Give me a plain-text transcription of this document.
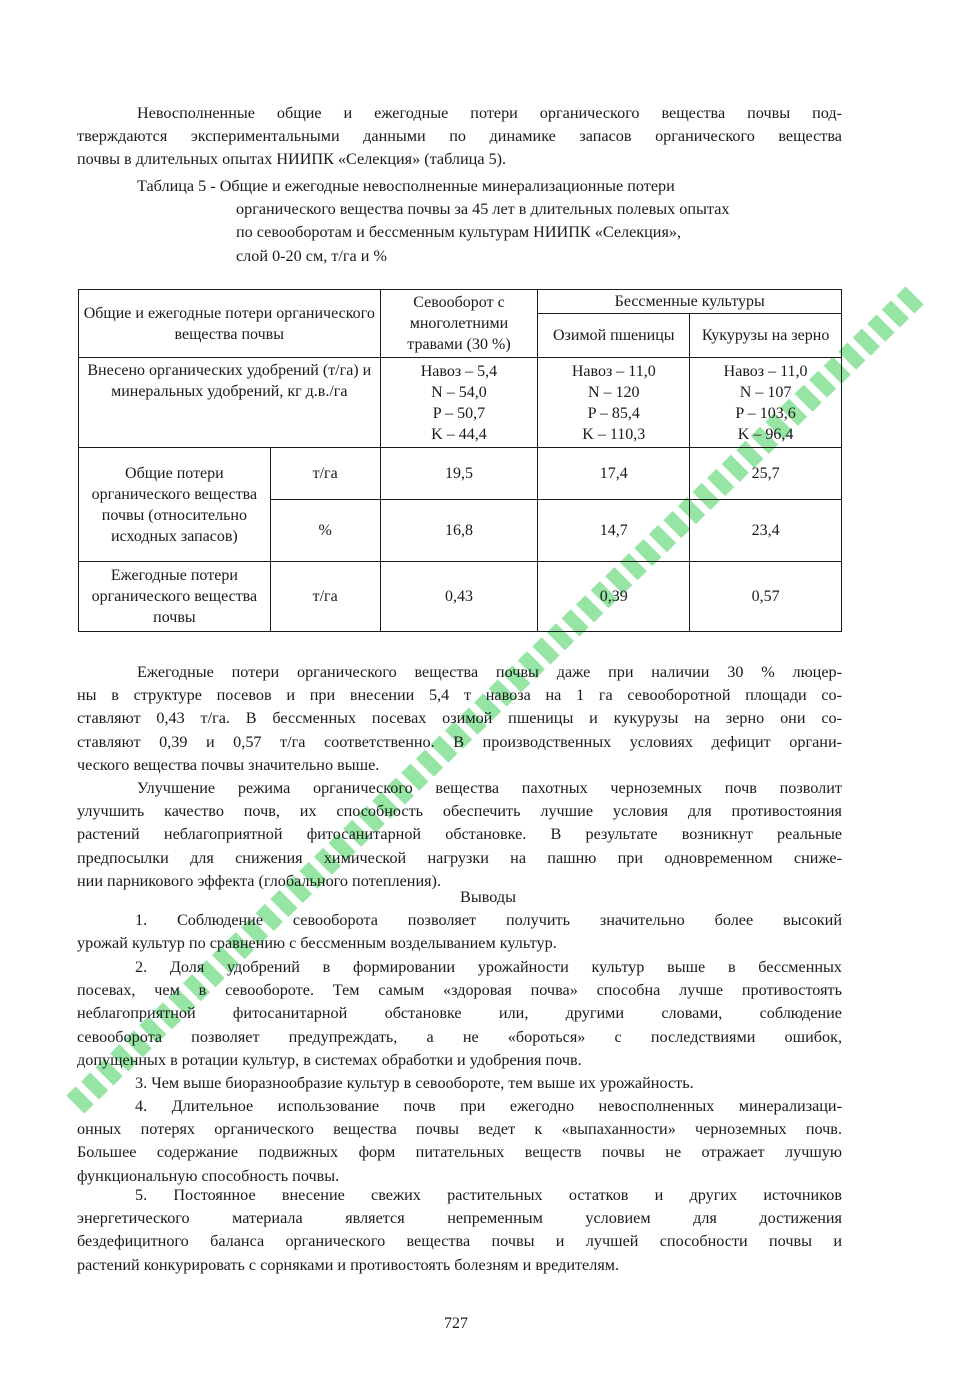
Невосполненные общие и ежегодные потери органического вещества почвы под-
тверждаются экспериментальными данными по динамике запасов органического вещества
почвы в длительных опытах НИИПК «Селекция» (таблица 5).

Таблица 5 - Общие и ежегодные невосполненные минерализационные потери
органического вещества почвы за 45 лет в длительных полевых опытах
по севооборотам и бессменным культурам НИИПК «Селекция»,
слой 0-20 см, т/га и %
Общие и ежегодные потери органического вещества почвы		Севооборот с многолетними травами (30 %)	Бессменные культуры	
			Озимой пшеницы	Кукурузы на зерно
Внесено органических удобрений (т/га) и минеральных удобрений, кг д.в./га		Навоз – 5,4
N – 54,0
P – 50,7
K – 44,4	Навоз – 11,0
N – 120
P – 85,4
K – 110,3	Навоз – 11,0
N – 107
P – 103,6
K – 96,4

Общие потери органического вещества почвы (относительно исходных запасов)	т/га	19,5	17,4	25,7
	%	16,8	14,7	23,4
Ежегодные потери органического вещества почвы	т/га	0,43	0,39	0,57

Ежегодные потери органического вещества почвы даже при наличии 30 % люцер-
ны в структуре посевов и при внесении 5,4 т навоза на 1 га севооборотной площади со-
ставляют 0,43 т/га. В бессменных посевах озимой пшеницы и кукурузы на зерно они со-
ставляют 0,39 и 0,57 т/га соответственно. В производственных условиях дефицит органи-
ческого вещества почвы значительно выше.

Улучшение режима органического вещества пахотных черноземных почв позволит
улучшить качество почв, их способность обеспечить лучшие условия для противостояния
растений неблагоприятной фитосанитарной обстановке. В результате возникнут реальные
предпосылки для снижения химической нагрузки на пашню при одновременном сниже-
нии парникового эффекта (глобального потепления).

Выводы

1. Соблюдение севооборота позволяет получить значительно более высокий
урожай культур по сравнению с бессменным возделыванием культур.

2. Доля удобрений в формировании урожайности культур выше в бессменных
посевах, чем в севообороте. Тем самым «здоровая почва» способна лучше противостоять
неблагоприятной фитосанитарной обстановке или, другими словами, соблюдение
севооборота позволяет предупреждать, а не «бороться» с последствиями ошибок,
допущенных в ротации культур, в системах обработки и удобрения почв.

3. Чем выше биоразнообразие культур в севообороте, тем выше их урожайность.

4. Длительное использование почв при ежегодно невосполненных минерализаци-
онных потерях органического вещества почвы ведет к «выпаханности» черноземных почв.
Большее содержание подвижных форм питательных веществ почвы не отражает лучшую
функциональную способность почвы.

5. Постоянное внесение свежих растительных остатков и других источников
энергетического материала является непременным условием для достижения
бездефицитного баланса органического вещества почвы и лучшей способности почвы и
растений конкурировать с сорняками и противостоять болезням и вредителям.

727
